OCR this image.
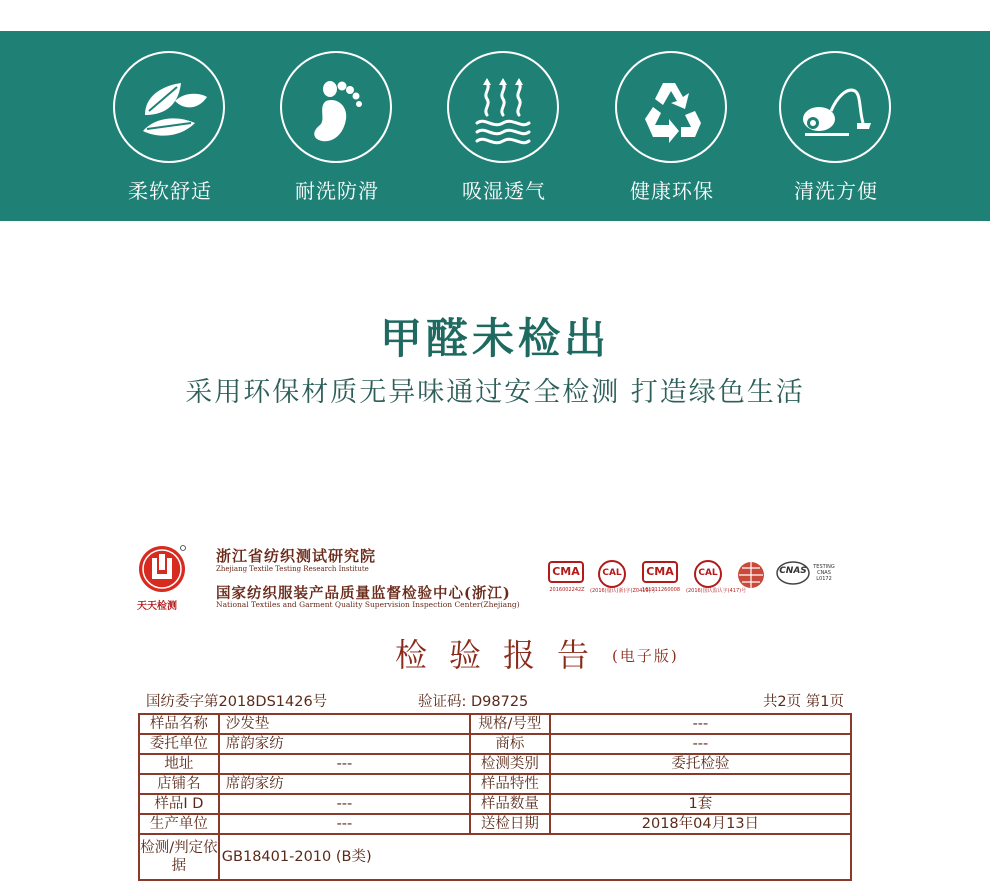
柔软舒适	耐洗防滑	吸湿透气	健康环保	清洗方便
甲醛未检出
采用环保材质无异味通过安全检测 打造绿色生活
天天检测
浙江省纺织测试研究院
Zhejiang Textile Testing Research Institute
国家纺织服装产品质量监督检验中心(浙江)
National Textiles and Garment Quality Supervision Inspection Center(Zhejiang)
CMA
2016002242Z
CAL
(2016)量认(浙)字(Z0419)号
CMA
161111260008
CAL
(2016)国认监认字(417)号
CNAS TESTING CNAS L0172
检验报告 (电子版)
国纺委字第2018DS1426号	验证码: D98725	共2页 第1页
样品名称	沙发垫	规格/号型	---
委托单位	席韵家纺	商标	---
地址	---	检测类别	委托检验
店铺名	席韵家纺	样品特性	
样品I D	---	样品数量	1套
生产单位	---	送检日期	2018年04月13日
检测/判定依据	GB18401-2010 (B类)		
